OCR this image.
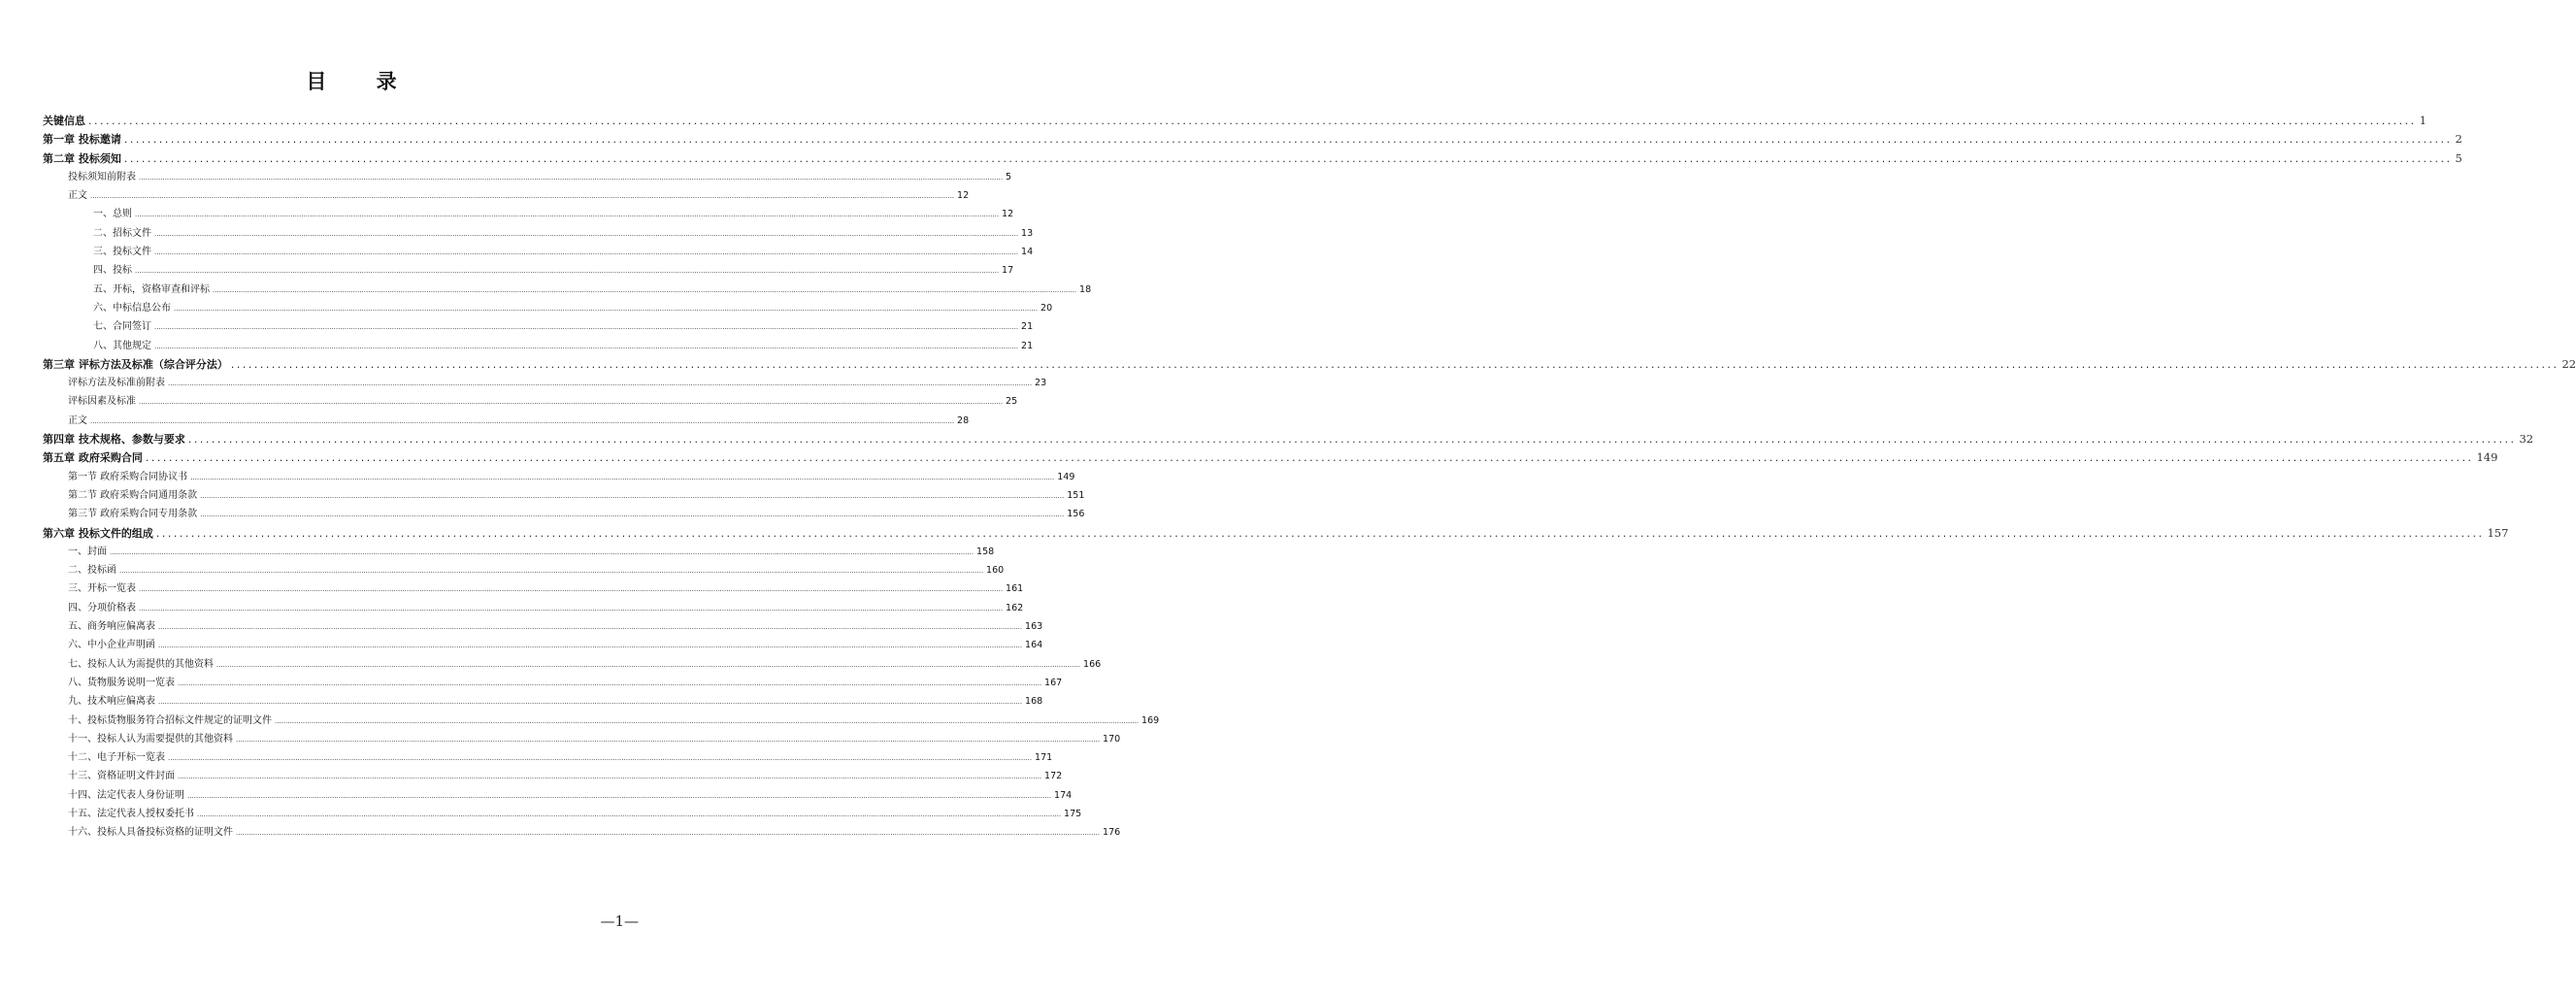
目 录
关键信息 ................................................................................................................................................................................................................................................................................................................................................................................................................ 1
第一章 投标邀请 ................................................................................................................................................................................................................................................................................................................................................................................................................ 2
第二章 投标须知 ................................................................................................................................................................................................................................................................................................................................................................................................................ 5
投标须知前附表 ................................................................................................................................................................................................................................................................................................................................................................................................................ 5
正文 ................................................................................................................................................................................................................................................................................................................................................................................................................ 12
一、总则 ................................................................................................................................................................................................................................................................................................................................................................................................................ 12
二、招标文件 ................................................................................................................................................................................................................................................................................................................................................................................................................ 13
三、投标文件 ................................................................................................................................................................................................................................................................................................................................................................................................................ 14
四、投标 ................................................................................................................................................................................................................................................................................................................................................................................................................ 17
五、开标，资格审查和评标 ................................................................................................................................................................................................................................................................................................................................................................................................................ 18
六、中标信息公布 ................................................................................................................................................................................................................................................................................................................................................................................................................ 20
七、合同签订 ................................................................................................................................................................................................................................................................................................................................................................................................................ 21
八、其他规定 ................................................................................................................................................................................................................................................................................................................................................................................................................ 21
第三章 评标方法及标准（综合评分法） ................................................................................................................................................................................................................................................................................................................................................................................................................ 22
评标方法及标准前附表 ................................................................................................................................................................................................................................................................................................................................................................................................................ 23
评标因素及标准 ................................................................................................................................................................................................................................................................................................................................................................................................................ 25
正文 ................................................................................................................................................................................................................................................................................................................................................................................................................ 28
第四章 技术规格、参数与要求 ................................................................................................................................................................................................................................................................................................................................................................................................................ 32
第五章 政府采购合同 ................................................................................................................................................................................................................................................................................................................................................................................................................ 149
第一节 政府采购合同协议书 ................................................................................................................................................................................................................................................................................................................................................................................................................ 149
第二节 政府采购合同通用条款 ................................................................................................................................................................................................................................................................................................................................................................................................................ 151
第三节 政府采购合同专用条款 ................................................................................................................................................................................................................................................................................................................................................................................................................ 156
第六章 投标文件的组成 ................................................................................................................................................................................................................................................................................................................................................................................................................ 157
一、封面 ................................................................................................................................................................................................................................................................................................................................................................................................................ 158
二、投标函 ................................................................................................................................................................................................................................................................................................................................................................................................................ 160
三、开标一览表 ................................................................................................................................................................................................................................................................................................................................................................................................................ 161
四、分项价格表 ................................................................................................................................................................................................................................................................................................................................................................................................................ 162
五、商务响应偏离表 ................................................................................................................................................................................................................................................................................................................................................................................................................ 163
六、中小企业声明函 ................................................................................................................................................................................................................................................................................................................................................................................................................ 164
七、投标人认为需提供的其他资料 ................................................................................................................................................................................................................................................................................................................................................................................................................ 166
八、货物服务说明一览表 ................................................................................................................................................................................................................................................................................................................................................................................................................ 167
九、技术响应偏离表 ................................................................................................................................................................................................................................................................................................................................................................................................................ 168
十、投标货物服务符合招标文件规定的证明文件 ................................................................................................................................................................................................................................................................................................................................................................................................................ 169
十一、投标人认为需要提供的其他资料 ................................................................................................................................................................................................................................................................................................................................................................................................................ 170
十二、电子开标一览表 ................................................................................................................................................................................................................................................................................................................................................................................................................ 171
十三、资格证明文件封面 ................................................................................................................................................................................................................................................................................................................................................................................................................ 172
十四、法定代表人身份证明 ................................................................................................................................................................................................................................................................................................................................................................................................................ 174
十五、法定代表人授权委托书 ................................................................................................................................................................................................................................................................................................................................................................................................................ 175
十六、投标人具备投标资格的证明文件 ................................................................................................................................................................................................................................................................................................................................................................................................................ 176
—1—
